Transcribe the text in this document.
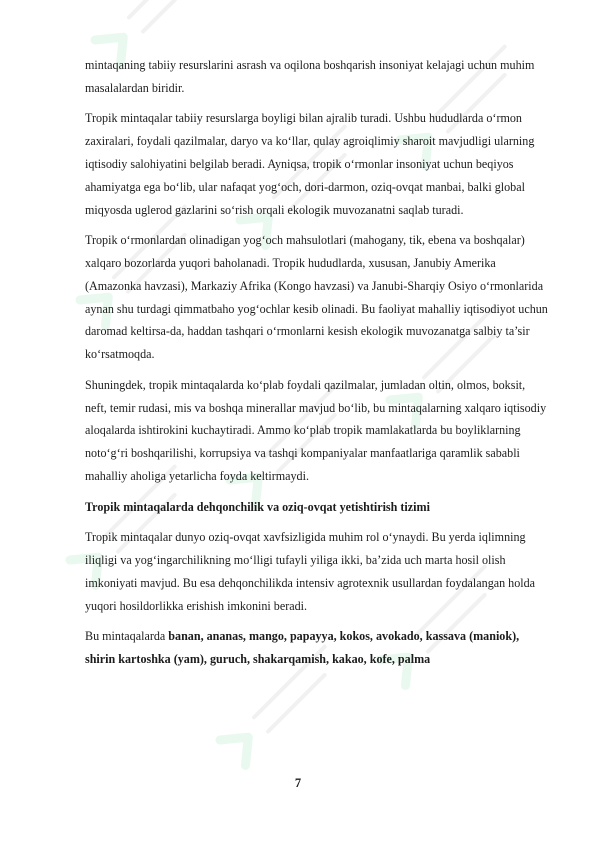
mintaqaning tabiiy resurslarini asrash va oqilona boshqarish insoniyat kelajagi uchun muhim masalalardan biridir.

Tropik mintaqalar tabiiy resurslarga boyligi bilan ajralib turadi. Ushbu hududlarda o‘rmon zaxiralari, foydali qazilmalar, daryo va ko‘llar, qulay agroiqlimiy sharoit mavjudligi ularning iqtisodiy salohiyatini belgilab beradi. Ayniqsa, tropik o‘rmonlar insoniyat uchun beqiyos ahamiyatga ega bo‘lib, ular nafaqat yog‘och, dori-darmon, oziq-ovqat manbai, balki global miqyosda uglerod gazlarini so‘rish orqali ekologik muvozanatni saqlab turadi.

Tropik o‘rmonlardan olinadigan yog‘och mahsulotlari (mahogany, tik, ebena va boshqalar) xalqaro bozorlarda yuqori baholanadi. Tropik hududlarda, xususan, Janubiy Amerika (Amazonka havzasi), Markaziy Afrika (Kongo havzasi) va Janubi-Sharqiy Osiyo o‘rmonlarida aynan shu turdagi qimmatbaho yog‘ochlar kesib olinadi. Bu faoliyat mahalliy iqtisodiyot uchun daromad keltirsa-da, haddan tashqari o‘rmonlarni kesish ekologik muvozanatga salbiy ta’sir ko‘rsatmoqda.

Shuningdek, tropik mintaqalarda ko‘plab foydali qazilmalar, jumladan oltin, olmos, boksit, neft, temir rudasi, mis va boshqa minerallar mavjud bo‘lib, bu mintaqalarning xalqaro iqtisodiy aloqalarda ishtirokini kuchaytiradi. Ammo ko‘plab tropik mamlakatlarda bu boyliklarning noto‘g‘ri boshqarilishi, korrupsiya va tashqi kompaniyalar manfaatlariga qaramlik sababli mahalliy aholiga yetarlicha foyda keltirmaydi.

Tropik mintaqalarda dehqonchilik va oziq-ovqat yetishtirish tizimi

Tropik mintaqalar dunyo oziq-ovqat xavfsizligida muhim rol o‘ynaydi. Bu yerda iqlimning iliqligi va yog‘ingarchilikning mo‘lligi tufayli yiliga ikki, ba’zida uch marta hosil olish imkoniyati mavjud. Bu esa dehqonchilikda intensiv agrotexnik usullardan foydalangan holda yuqori hosildorlikka erishish imkonini beradi.

Bu mintaqalarda banan, ananas, mango, papayya, kokos, avokado, kassava (maniok), shirin kartoshka (yam), guruch, shakarqamish, kakao, kofe, palma

7
